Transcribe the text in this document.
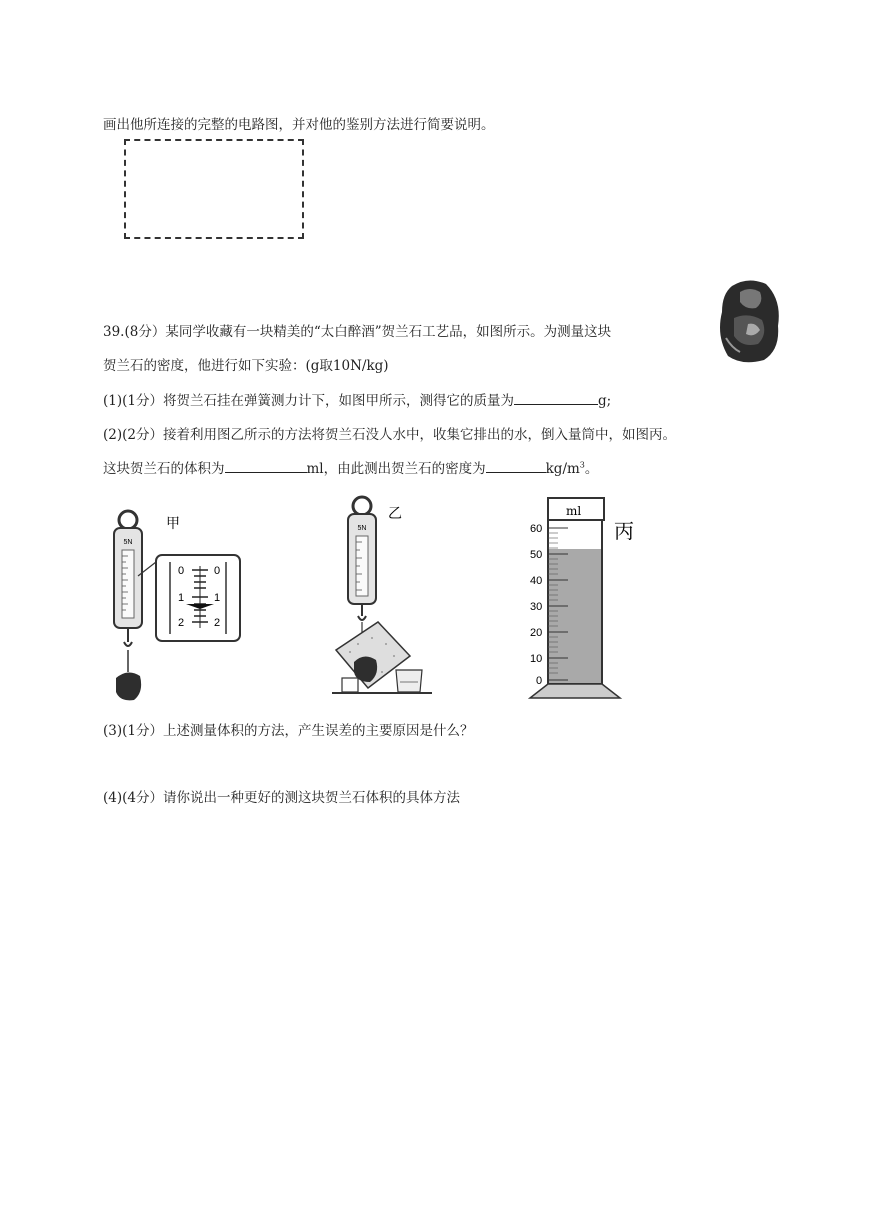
画出他所连接的完整的电路图，并对他的鉴别方法进行简要说明。
39.(8分）某同学收藏有一块精美的“太白醉酒”贺兰石工艺品，如图所示。为测量这块
贺兰石的密度，他进行如下实验：(g取10N/kg)
(1)(1分）将贺兰石挂在弹簧测力计下，如图甲所示，测得它的质量为	g;
(2)(2分）接着利用图乙所示的方法将贺兰石没人水中，收集它排出的水，倒入量筒中，如图丙。
这块贺兰石的体积为	ml，由此测出贺兰石的密度为	$kg/m^3$。
5N
0
1
2
0
1
2
甲	5N
乙	ml
60
50
40
30
20
10
0
丙
(3)(1分）上述测量体积的方法，产生误差的主要原因是什么？
(4)(4分）请你说出一种更好的测这块贺兰石体积的具体方法
